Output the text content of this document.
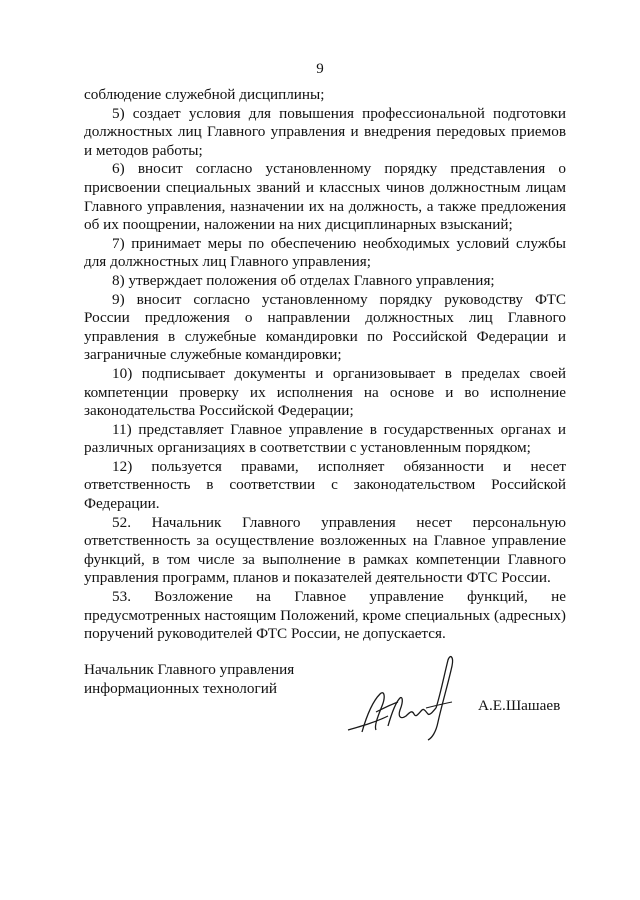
9

соблюдение служебной дисциплины;

5) создает условия для повышения профессиональной подготовки должностных лиц Главного управления и внедрения передовых приемов и методов работы;

6) вносит согласно установленному порядку представления о присвоении специальных званий и классных чинов должностным лицам Главного управления, назначении их на должность, а также предложения об их поощрении, наложении на них дисциплинарных взысканий;

7) принимает меры по обеспечению необходимых условий службы для должностных лиц Главного управления;

8) утверждает положения об отделах Главного управления;

9) вносит согласно установленному порядку руководству ФТС России предложения о направлении должностных лиц Главного управления в служебные командировки по Российской Федерации и заграничные служебные командировки;

10) подписывает документы и организовывает в пределах своей компетенции проверку их исполнения на основе и во исполнение законодательства Российской Федерации;

11) представляет Главное управление в государственных органах и различных организациях в соответствии с установленным порядком;

12) пользуется правами, исполняет обязанности и несет ответственность в соответствии с законодательством Российской Федерации.

52. Начальник Главного управления несет персональную ответственность за осуществление возложенных на Главное управление функций, в том числе за выполнение в рамках компетенции Главного управления программ, планов и показателей деятельности ФТС России.

53. Возложение на Главное управление функций, не предусмотренных настоящим Положений, кроме специальных (адресных) поручений руководителей ФТС России, не допускается.

Начальник Главного управления
информационных технологий
А.Е.Шашаев
